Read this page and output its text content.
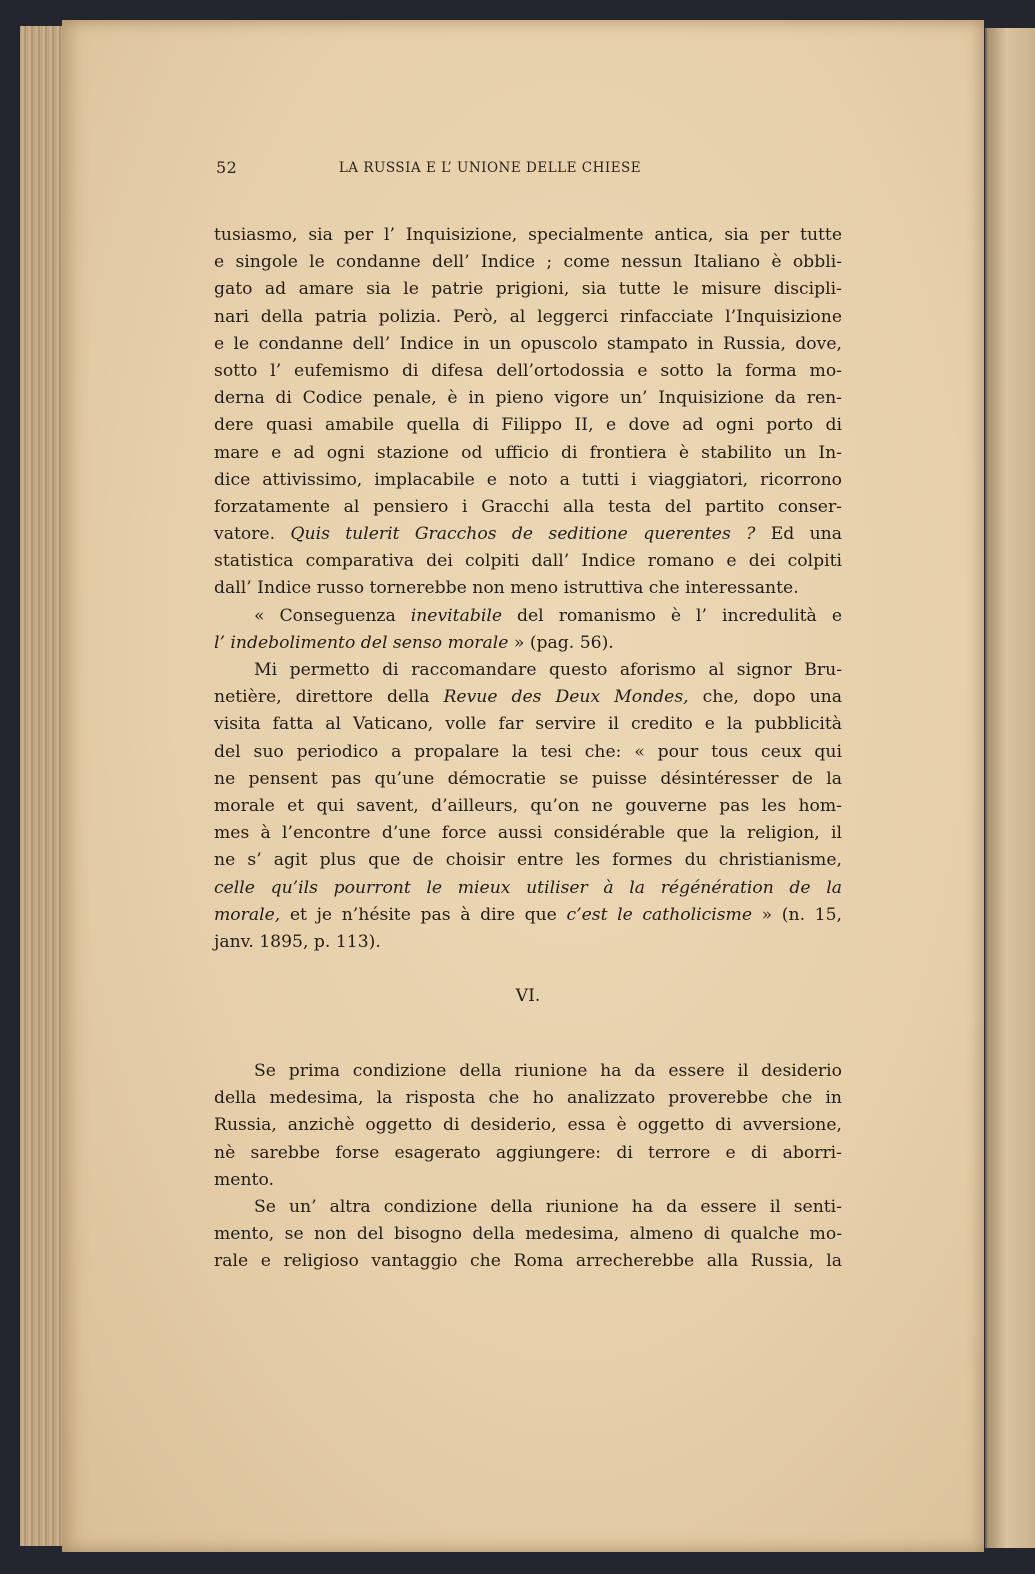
52	LA RUSSIA E L’ UNIONE DELLE CHIESE
tusiasmo, sia per l’ Inquisizione, specialmente antica, sia per tutte
e singole le condanne dell’ Indice ; come nessun Italiano è obbli-
gato ad amare sia le patrie prigioni, sia tutte le misure discipli-
nari della patria polizia. Però, al leggerci rinfacciate l’Inquisizione
e le condanne dell’ Indice in un opuscolo stampato in Russia, dove,
sotto l’ eufemismo di difesa dell’ortodossia e sotto la forma mo-
derna di Codice penale, è in pieno vigore un’ Inquisizione da ren-
dere quasi amabile quella di Filippo II, e dove ad ogni porto di
mare e ad ogni stazione od ufficio di frontiera è stabilito un In-
dice attivissimo, implacabile e noto a tutti i viaggiatori, ricorrono
forzatamente al pensiero i Gracchi alla testa del partito conser-
vatore. Quis tulerit Gracchos de seditione querentes ? Ed una
statistica comparativa dei colpiti dall’ Indice romano e dei colpiti
dall’ Indice russo tornerebbe non meno istruttiva che interessante.
« Conseguenza inevitabile del romanismo è l’ incredulità e
l’ indebolimento del senso morale » (pag. 56).
Mi permetto di raccomandare questo aforismo al signor Bru-
netière, direttore della Revue des Deux Mondes, che, dopo una
visita fatta al Vaticano, volle far servire il credito e la pubblicità
del suo periodico a propalare la tesi che: « pour tous ceux qui
ne pensent pas qu’une démocratie se puisse désintéresser de la
morale et qui savent, d’ailleurs, qu’on ne gouverne pas les hom-
mes à l’encontre d’une force aussi considérable que la religion, il
ne s’ agit plus que de choisir entre les formes du christianisme,
celle qu’ils pourront le mieux utiliser à la régénération de la
morale, et je n’hésite pas à dire que c’est le catholicisme » (n. 15,
janv. 1895, p. 113).
VI.
Se prima condizione della riunione ha da essere il desiderio
della medesima, la risposta che ho analizzato proverebbe che in
Russia, anzichè oggetto di desiderio, essa è oggetto di avversione,
nè sarebbe forse esagerato aggiungere: di terrore e di aborri-
mento.
Se un’ altra condizione della riunione ha da essere il senti-
mento, se non del bisogno della medesima, almeno di qualche mo-
rale e religioso vantaggio che Roma arrecherebbe alla Russia, la
